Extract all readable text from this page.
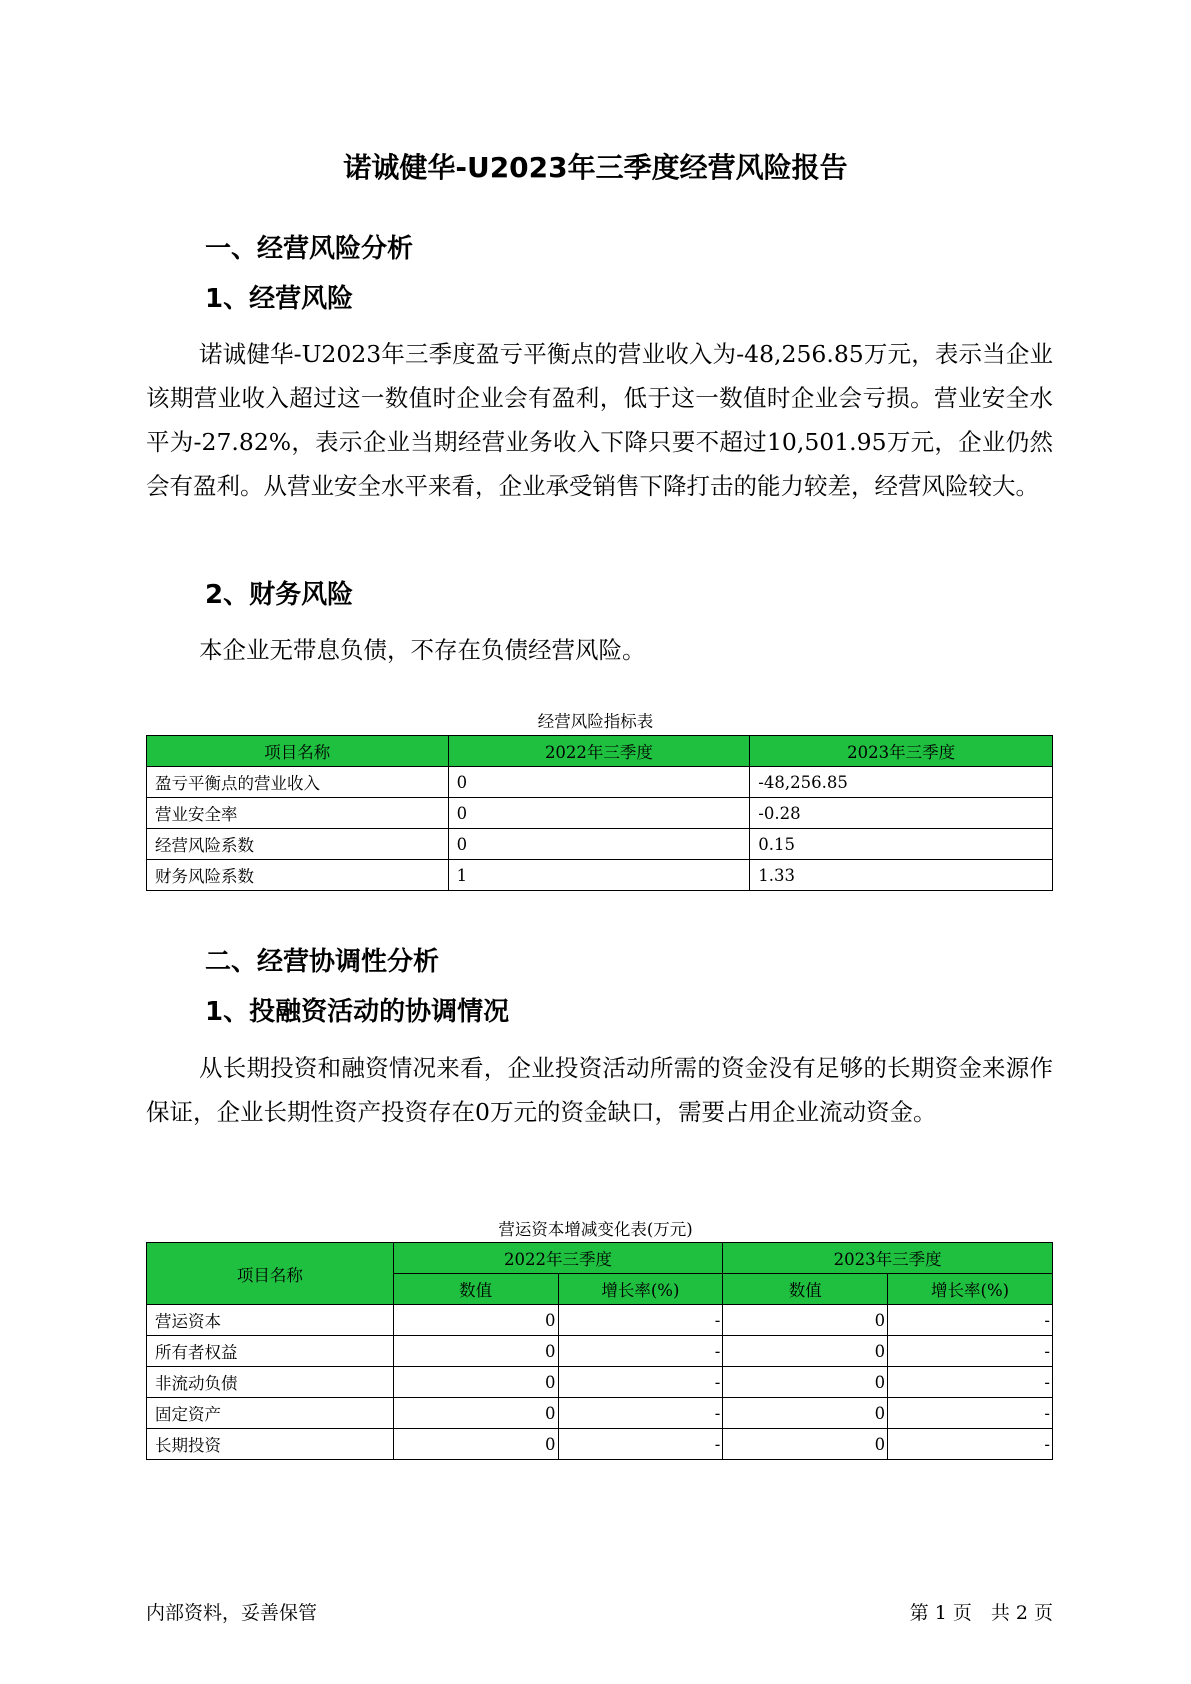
诺诚健华-U2023年三季度经营风险报告
一、经营风险分析
1、经营风险

诺诚健华-U2023年三季度盈亏平衡点的营业收入为-48,256.85万元，表示当企业该期营业收入超过这一数值时企业会有盈利，低于这一数值时企业会亏损。营业安全水平为-27.82%，表示企业当期经营业务收入下降只要不超过10,501.95万元，企业仍然会有盈利。从营业安全水平来看，企业承受销售下降打击的能力较差，经营风险较大。

2、财务风险

本企业无带息负债，不存在负债经营风险。

经营风险指标表

项目名称	2022年三季度	2023年三季度
盈亏平衡点的营业收入	0	-48,256.85
营业安全率	0	-0.28
经营风险系数	0	0.15
财务风险系数	1	1.33
二、经营协调性分析
1、投融资活动的协调情况

从长期投资和融资情况来看，企业投资活动所需的资金没有足够的长期资金来源作保证，企业长期性资产投资存在0万元的资金缺口，需要占用企业流动资金。

营运资本增减变化表(万元)

项目名称	2022年三季度		2023年三季度	
	数值	增长率(%)	数值	增长率(%)
营运资本	0	-	0	-
所有者权益	0	-	0	-
非流动负债	0	-	0	-
固定资产	0	-	0	-
长期投资	0	-	0	-

内部资料，妥善保管	第 1 页　共 2 页
